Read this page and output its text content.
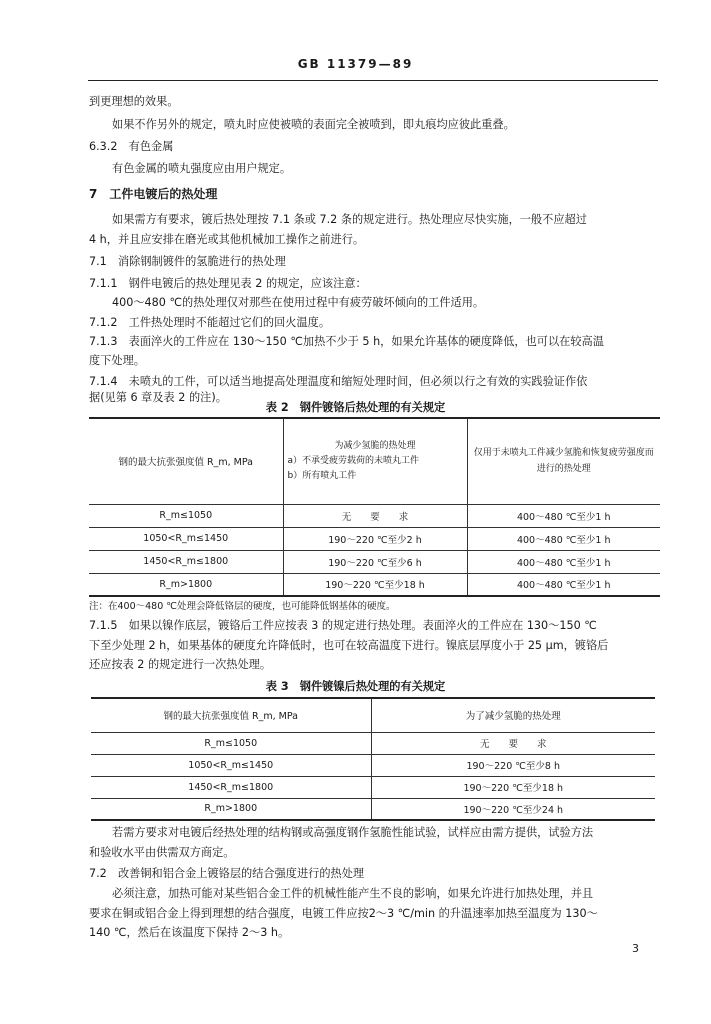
GB 11379—89
到更理想的效果。
如果不作另外的规定，喷丸时应使被喷的表面完全被喷到，即丸痕均应彼此重叠。
6.3.2　有色金属
有色金属的喷丸强度应由用户规定。
7　工件电镀后的热处理
如果需方有要求，镀后热处理按 7.1 条或 7.2 条的规定进行。热处理应尽快实施，一般不应超过
4 h，并且应安排在磨光或其他机械加工操作之前进行。
7.1　消除钢制镀件的氢脆进行的热处理
7.1.1　钢件电镀后的热处理见表 2 的规定，应该注意：
400～480 ℃的热处理仅对那些在使用过程中有疲劳破坏倾向的工件适用。
7.1.2　工件热处理时不能超过它们的回火温度。
7.1.3　表面淬火的工件应在 130～150 ℃加热不少于 5 h，如果允许基体的硬度降低，也可以在较高温
度下处理。
7.1.4　未喷丸的工件，可以适当地提高处理温度和缩短处理时间，但必须以行之有效的实践验证作依
据(见第 6 章及表 2 的注)。
表 2　钢件镀铬后热处理的有关规定
钢的最大抗张强度值 R_m, MPa	为减少氢脆的热处理
a）不承受疲劳载荷的未喷丸工件
b）所有喷丸工件	仅用于未喷丸工件减少氢脆和恢复疲劳强度而进行的热处理
R_m≤1050	无　　要　　求	400～480 ℃至少1 h
1050<R_m≤1450	190～220 ℃至少2 h	400～480 ℃至少1 h
1450<R_m≤1800	190～220 ℃至少6 h	400～480 ℃至少1 h
R_m>1800	190～220 ℃至少18 h	400～480 ℃至少1 h
注：在400～480 ℃处理会降低铬层的硬度，也可能降低钢基体的硬度。
7.1.5　如果以镍作底层，镀铬后工件应按表 3 的规定进行热处理。表面淬火的工件应在 130～150 ℃
下至少处理 2 h，如果基体的硬度允许降低时，也可在较高温度下进行。镍底层厚度小于 25 μm，镀铬后
还应按表 2 的规定进行一次热处理。
表 3　钢件镀镍后热处理的有关规定
钢的最大抗张强度值 R_m, MPa	为了减少氢脆的热处理
R_m≤1050	无　　要　　求
1050<R_m≤1450	190～220 ℃至少8 h
1450<R_m≤1800	190～220 ℃至少18 h
R_m>1800	190～220 ℃至少24 h
若需方要求对电镀后经热处理的结构钢或高强度钢作氢脆性能试验，试样应由需方提供，试验方法
和验收水平由供需双方商定。
7.2　改善铜和铝合金上镀铬层的结合强度进行的热处理
必须注意，加热可能对某些铝合金工件的机械性能产生不良的影响，如果允许进行加热处理，并且
要求在铜或铝合金上得到理想的结合强度，电镀工件应按2～3 ℃/min 的升温速率加热至温度为 130～
140 ℃，然后在该温度下保持 2～3 h。
3
